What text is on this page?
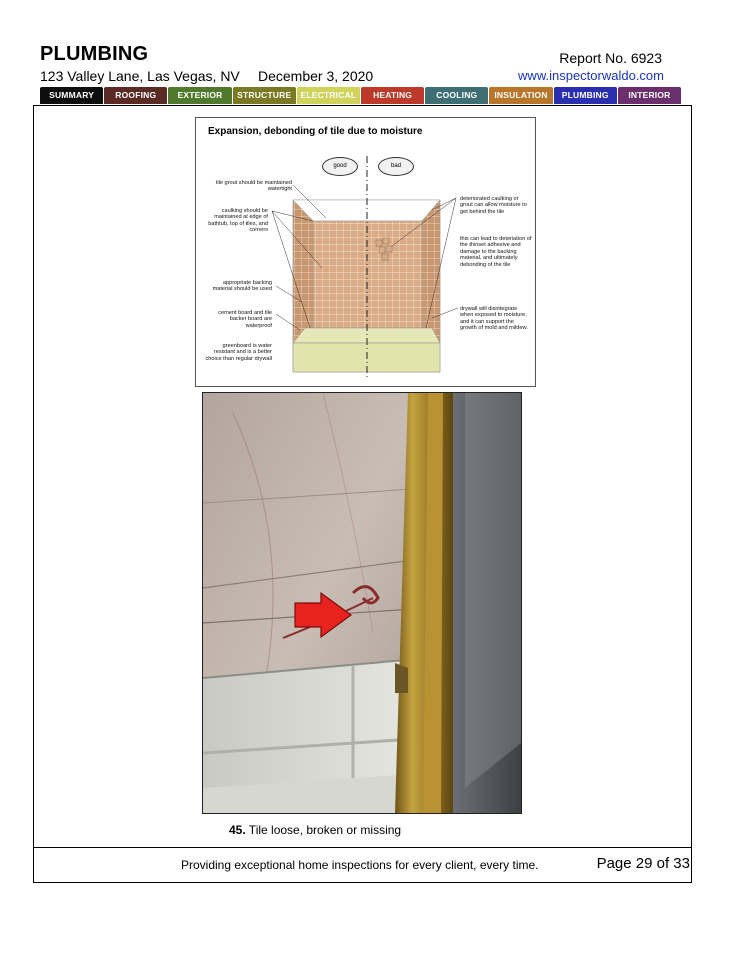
PLUMBING
123 Valley Lane, Las Vegas, NV December 3, 2020
Report No. 6923
www.inspectorwaldo.com
SUMMARY	ROOFING	EXTERIOR	STRUCTURE	ELECTRICAL	HEATING	COOLING	INSULATION	PLUMBING	INTERIOR
Expansion, debonding of tile due to moisture
good	bad
tile grout should be maintained watertight
caulking should be maintained at edge of bathtub, top of tiles, and corners
appropriate backing material should be used
cement board and tile backer board are waterproof
greenboard is water resistant and is a better choice than regular drywall
deteriorated caulking or grout can allow moisture to get behind the tile
this can lead to deteriation of the thinset adhesive and damage to the backing material, and ultimately debonding of the tile
drywall will disintegrate when exposed to moisture, and it can support the growth of mold and mildew.
45. Tile loose, broken or missing
Providing exceptional home inspections for every client, every time.	Page 29 of 33
